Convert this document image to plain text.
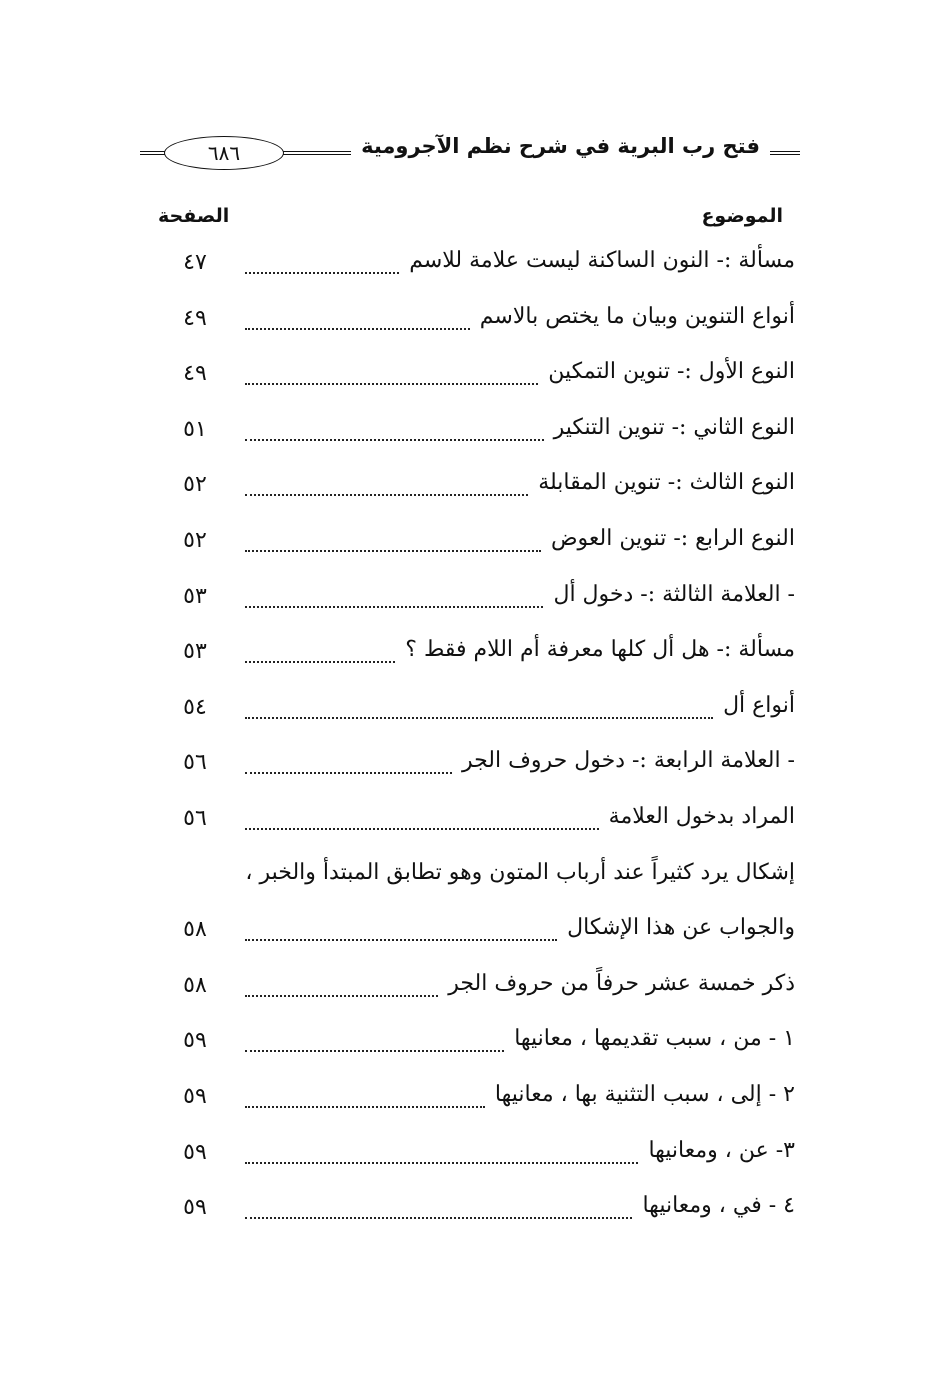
فتح رب البرية في شرح نظم الآجرومية
٦٨٦
الموضوع
الصفحة
مسألة :- النون الساكنة ليست علامة للاسم
٤٧
أنواع التنوين وبيان ما يختص بالاسم
٤٩
النوع الأول :- تنوين التمكين
٤٩
النوع الثاني :- تنوين التنكير
٥١
النوع الثالث :- تنوين المقابلة
٥٢
النوع الرابع :- تنوين العوض
٥٢
- العلامة الثالثة :- دخول أل
٥٣
مسألة :- هل أل كلها معرفة أم اللام فقط ؟
٥٣
أنواع أل
٥٤
- العلامة الرابعة :- دخول حروف الجر
٥٦
المراد بدخول العلامة
٥٦
إشكال يرد كثيراً عند أرباب المتون وهو تطابق المبتدأ والخبر ،
والجواب عن هذا الإشكال
٥٨
ذكر خمسة عشر حرفاً من حروف الجر
٥٨
١ - من ، سبب تقديمها ، معانيها
٥٩
٢ - إلى ، سبب التثنية بها ، معانيها
٥٩
٣- عن ، ومعانيها
٥٩
٤ - في ، ومعانيها
٥٩
